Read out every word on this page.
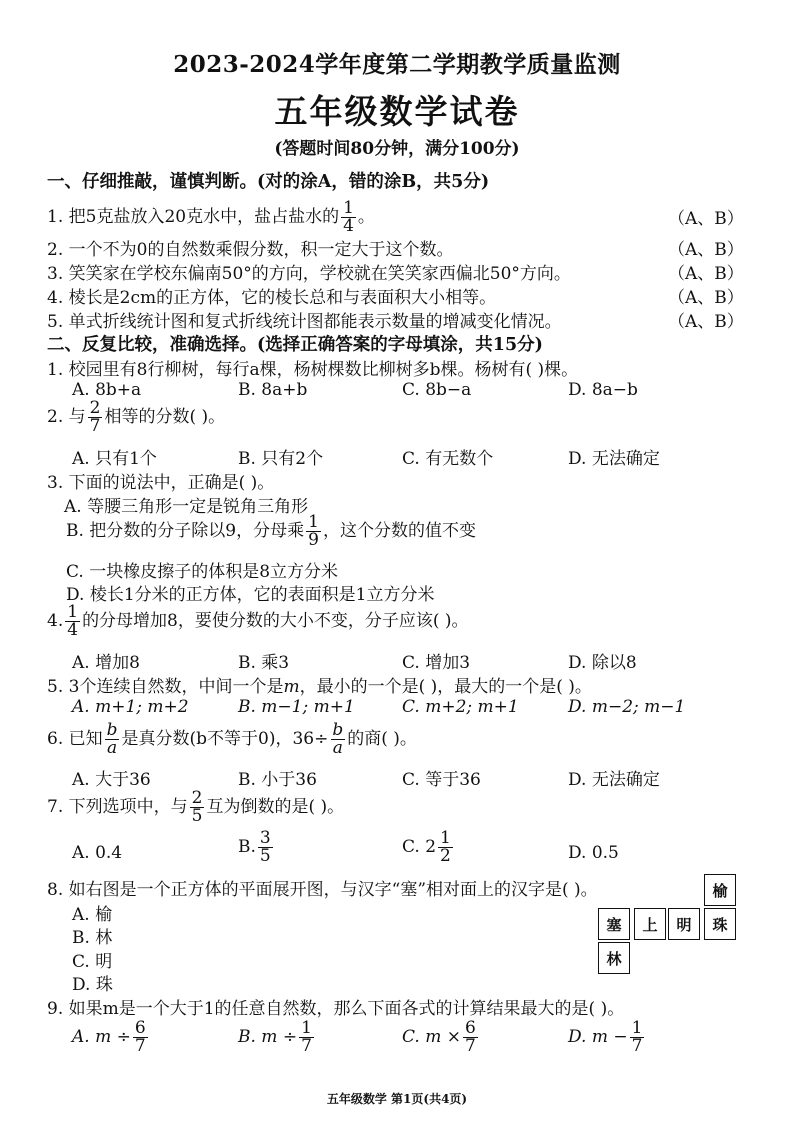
2023-2024学年度第二学期教学质量监测
五年级数学试卷
(答题时间80分钟，满分100分)
一、仔细推敲，谨慎判断。(对的涂A，错的涂B，共5分)
1. 把5克盐放入20克水中，盐占盐水的 $\frac{1}{4}$ 。	（A、B）
2. 一个不为0的自然数乘假分数，积一定大于这个数。	（A、B）
3. 笑笑家在学校东偏南50°的方向，学校就在笑笑家西偏北50°方向。	（A、B）
4. 棱长是2cm的正方体，它的棱长总和与表面积大小相等。	（A、B）
5. 单式折线统计图和复式折线统计图都能表示数量的增减变化情况。	（A、B）
二、反复比较，准确选择。(选择正确答案的字母填涂，共15分)
1. 校园里有8行柳树，每行a棵，杨树棵数比柳树多b棵。杨树有( )棵。
A. 8b+a	B. 8a+b	C. 8b−a	D. 8a−b
2. 与 $\frac{2}{7}$ 相等的分数( )。
A. 只有1个	B. 只有2个	C. 有无数个	D. 无法确定
3. 下面的说法中，正确是( )。
A. 等腰三角形一定是锐角三角形
B. 把分数的分子除以9，分母乘 $\frac{1}{9}$ ，这个分数的值不变
C. 一块橡皮擦子的体积是8立方分米
D. 棱长1分米的正方体，它的表面积是1立方分米
4. $\frac{1}{4}$ 的分母增加8，要使分数的大小不变，分子应该( )。
A. 增加8	B. 乘3	C. 增加3	D. 除以8
5. 3个连续自然数，中间一个是m，最小的一个是( )，最大的一个是( )。
A. m+1; m+2	B. m−1; m+1	C. m+2; m+1	D. m−2; m−1
6. 已知 $\frac{b}{a}$ 是真分数(b不等于0)，$36\div \frac{b}{a}$ 的商( )。
A. 大于36	B. 小于36	C. 等于36	D. 无法确定
7. 下列选项中，与 $\frac{2}{5}$ 互为倒数的是( )。
A. 0.4	B. $\frac{3}{5}$	C. $2 \frac{1}{2}$	D. 0.5
8. 如右图是一个正方体的平面展开图，与汉字“塞”相对面上的汉字是( )。
A. 榆
B. 林
C. 明
D. 珠
榆
塞	上	明	珠
林
9. 如果m是一个大于1的任意自然数，那么下面各式的计算结果最大的是( )。
A. $m \div \frac{6}{7}$	B. $m \div \frac{1}{7}$	C. $m \times \frac{6}{7}$	D. $m - \frac{1}{7}$
五年级数学 第1页(共4页)
